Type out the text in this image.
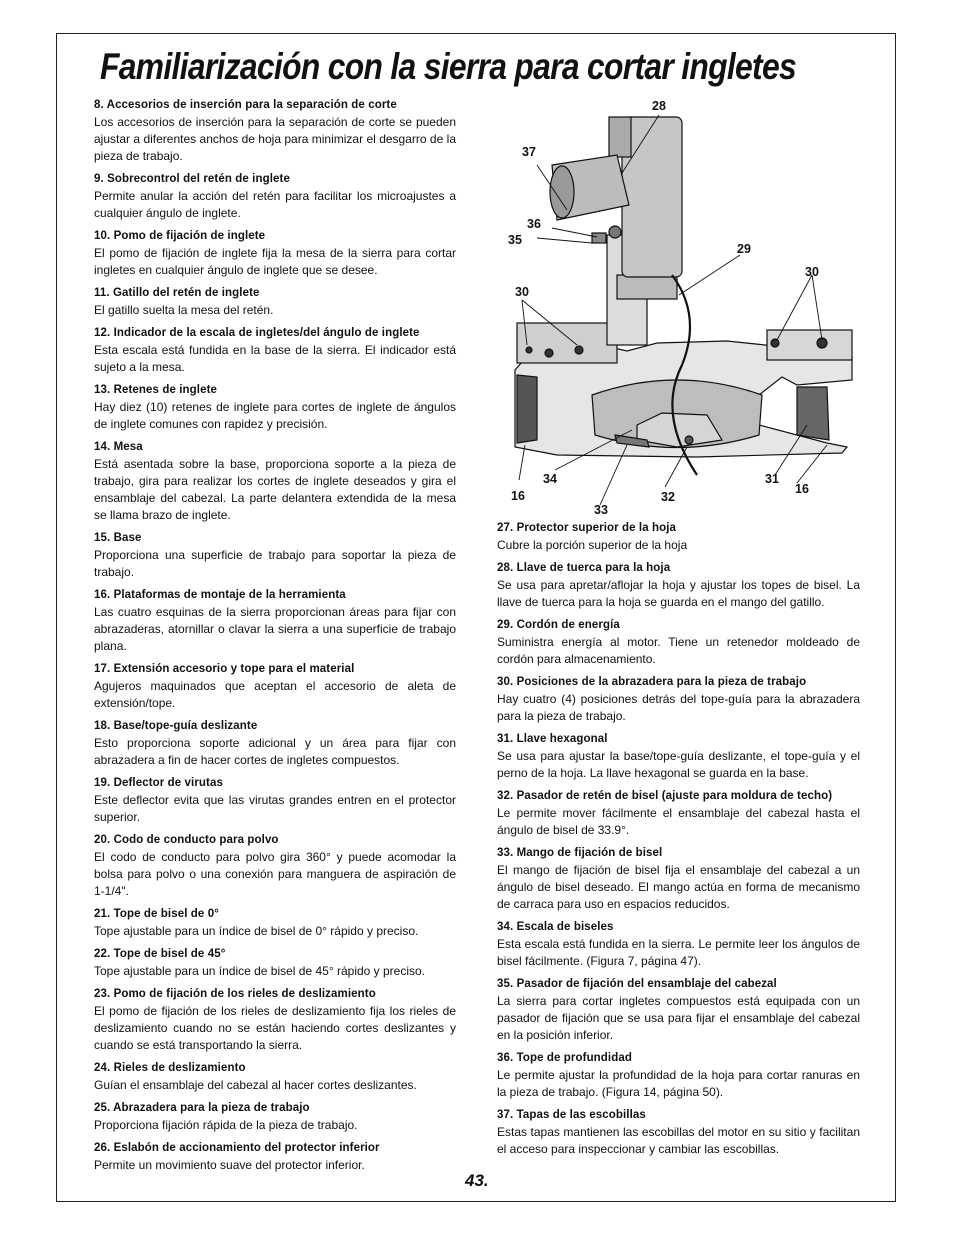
Familiarización con la sierra para cortar ingletes
8. Accesorios de inserción para la separación de corte
Los accesorios de inserción para la separación de corte se pueden ajustar a diferentes anchos de hoja para minimizar el desgarro de la pieza de trabajo.
9. Sobrecontrol del retén de inglete
Permite anular la acción del retén para facilitar los microajustes a cualquier ángulo de inglete.
10. Pomo de fijación de inglete
El pomo de fijación de inglete fija la mesa de la sierra para cortar ingletes en cualquier ángulo de inglete que se desee.
11. Gatillo del retén de inglete
El gatillo suelta la mesa del retén.
12. Indicador de la escala de ingletes/del ángulo de inglete
Esta escala está fundida en la base de la sierra. El indicador está sujeto a la mesa.
13. Retenes de inglete
Hay diez (10) retenes de inglete para cortes de inglete de ángulos de inglete comunes con rapidez y precisión.
14. Mesa
Está asentada sobre la base, proporciona soporte a la pieza de trabajo, gira para realizar los cortes de inglete deseados y gira el ensamblaje del cabezal. La parte delantera extendida de la mesa se llama brazo de inglete.
15. Base
Proporciona una superficie de trabajo para soportar la pieza de trabajo.
16. Plataformas de montaje de la herramienta
Las cuatro esquinas de la sierra proporcionan áreas para fijar con abrazaderas, atornillar o clavar la sierra a una superficie de trabajo plana.
17. Extensión accesorio y tope para el material
Agujeros maquinados que aceptan el accesorio de aleta de extensión/tope.
18. Base/tope-guía deslizante
Esto proporciona soporte adicional y un área para fijar con abrazadera a fin de hacer cortes de ingletes compuestos.
19. Deflector de virutas
Este deflector evita que las virutas grandes entren en el protector superior.
20. Codo de conducto para polvo
El codo de conducto para polvo gira 360° y puede acomodar la bolsa para polvo o una conexión para manguera de aspiración de 1-1/4".
21. Tope de bisel de 0°
Tope ajustable para un índice de bisel de 0° rápido y preciso.
22. Tope de bisel de 45°
Tope ajustable para un índice de bisel de 45° rápido y preciso.
23. Pomo de fijación de los rieles de deslizamiento
El pomo de fijación de los rieles de deslizamiento fija los rieles de deslizamiento cuando no se están haciendo cortes deslizantes y cuando se está transportando la sierra.
24. Rieles de deslizamiento
Guían el ensamblaje del cabezal al hacer cortes deslizantes.
25. Abrazadera para la pieza de trabajo
Proporciona fijación rápida de la pieza de trabajo.
26. Eslabón de accionamiento del protector inferior
Permite un movimiento suave del protector inferior.
27. Protector superior de la hoja
Cubre la porción superior de la hoja
28. Llave de tuerca para la hoja
Se usa para apretar/aflojar la hoja y ajustar los topes de bisel. La llave de tuerca para la hoja se guarda en el mango del gatillo.
29. Cordón de energía
Suministra energía al motor. Tiene un retenedor moldeado de cordón para almacenamiento.
30. Posiciones de la abrazadera para la pieza de trabajo
Hay cuatro (4) posiciones detrás del tope-guía para la abrazadera para la pieza de trabajo.
31. Llave hexagonal
Se usa para ajustar la base/tope-guía deslizante, el tope-guía y el perno de la hoja. La llave hexagonal se guarda en la base.
32. Pasador de retén de bisel (ajuste para moldura de techo)
Le permite mover fácilmente el ensamblaje del cabezal hasta el ángulo de bisel de 33.9°.
33. Mango de fijación de bisel
El mango de fijación de bisel fija el ensamblaje del cabezal a un ángulo de bisel deseado. El mango actúa en forma de mecanismo de carraca para uso en espacios reducidos.
34. Escala de biseles
Esta escala está fundida en la sierra. Le permite leer los ángulos de bisel fácilmente. (Figura 7, página 47).
35. Pasador de fijación del ensamblaje del cabezal
La sierra para cortar ingletes compuestos está equipada con un pasador de fijación que se usa para fijar el ensamblaje del cabezal en la posición inferior.
36. Tope de profundidad
Le permite ajustar la profundidad de la hoja para cortar ranuras en la pieza de trabajo. (Figura 14, página 50).
37. Tapas de las escobillas
Estas tapas mantienen las escobillas del motor en su sitio y facilitan el acceso para inspeccionar y cambiar las escobillas.
28
37
36
35
29
30
30
34
16
33
32
31
16
43.
